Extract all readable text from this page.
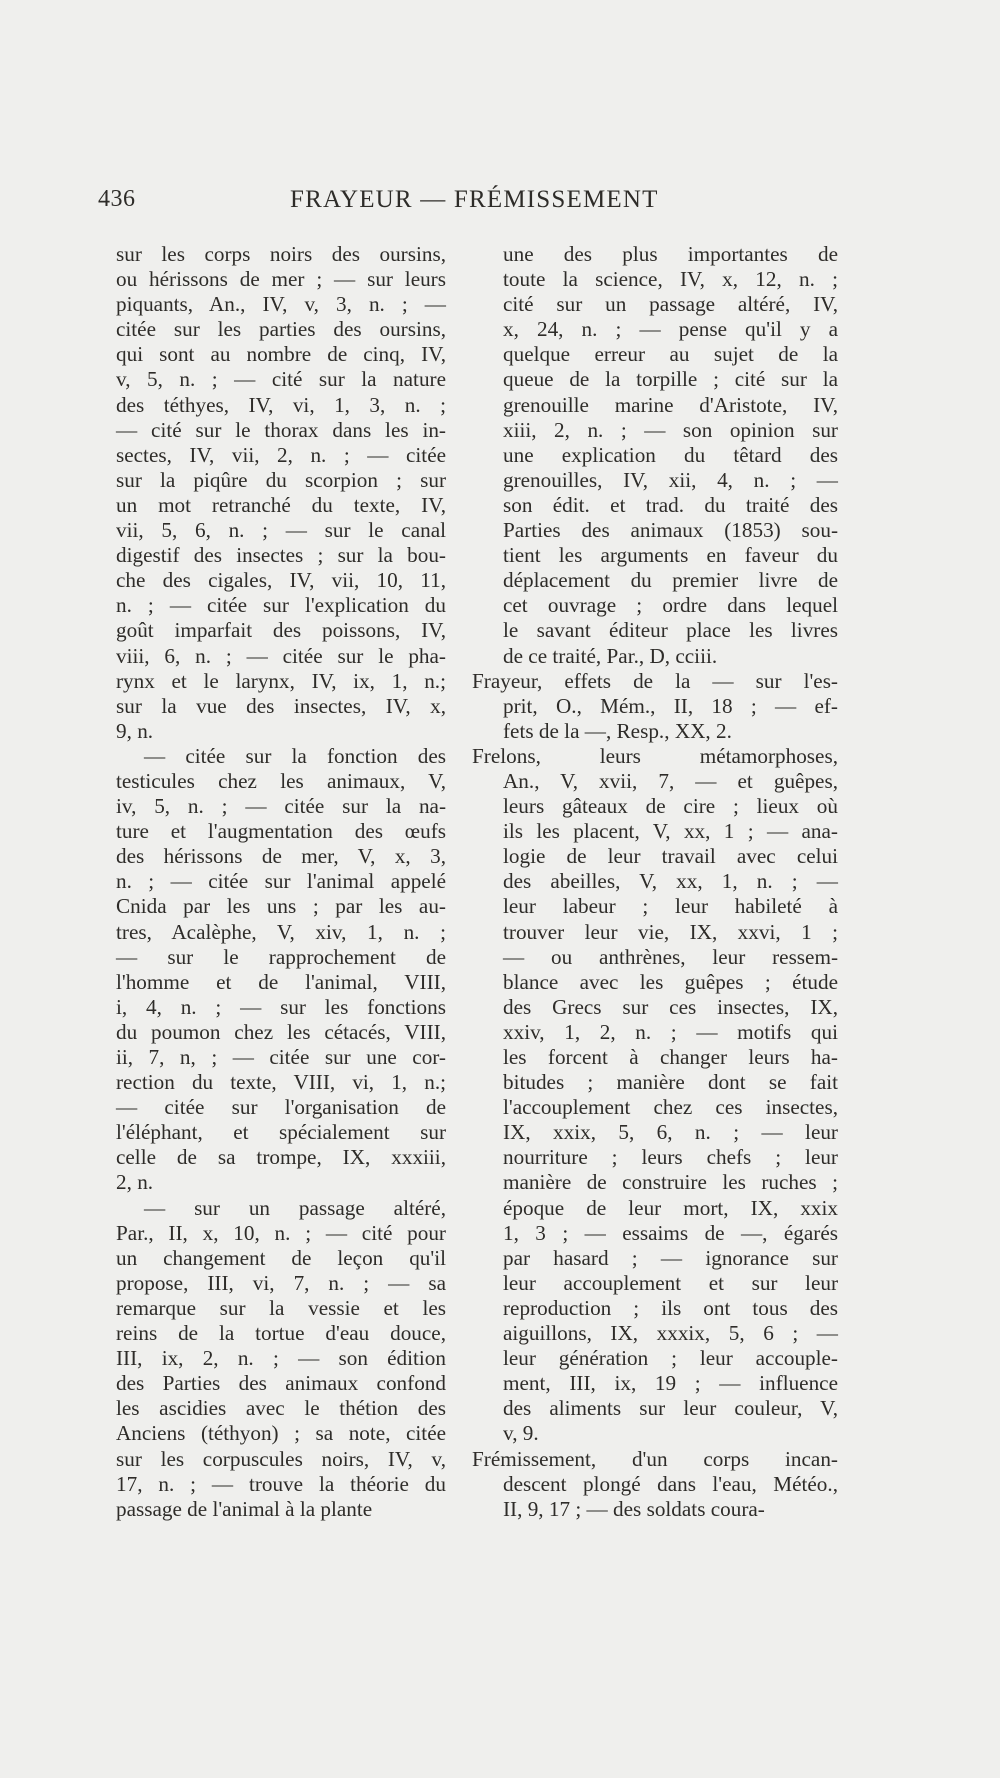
436	FRAYEUR — FRÉMISSEMENT
sur les corps noirs des oursins,
ou hérissons de mer ; — sur leurs
piquants, An., IV, v, 3, n. ; —
citée sur les parties des oursins,
qui sont au nombre de cinq, IV,
v, 5, n. ; — cité sur la nature
des téthyes, IV, vi, 1, 3, n. ;
— cité sur le thorax dans les in-
sectes, IV, vii, 2, n. ; — citée
sur la piqûre du scorpion ; sur
un mot retranché du texte, IV,
vii, 5, 6, n. ; — sur le canal
digestif des insectes ; sur la bou-
che des cigales, IV, vii, 10, 11,
n. ; — citée sur l'explication du
goût imparfait des poissons, IV,
viii, 6, n. ; — citée sur le pha-
rynx et le larynx, IV, ix, 1, n.;
sur la vue des insectes, IV, x,
9, n.
— citée sur la fonction des
testicules chez les animaux, V,
iv, 5, n. ; — citée sur la na-
ture et l'augmentation des œufs
des hérissons de mer, V, x, 3,
n. ; — citée sur l'animal appelé
Cnida par les uns ; par les au-
tres, Acalèphe, V, xiv, 1, n. ;
— sur le rapprochement de
l'homme et de l'animal, VIII,
i, 4, n. ; — sur les fonctions
du poumon chez les cétacés, VIII,
ii, 7, n, ; — citée sur une cor-
rection du texte, VIII, vi, 1, n.;
— citée sur l'organisation de
l'éléphant, et spécialement sur
celle de sa trompe, IX, xxxiii,
2, n.
— sur un passage altéré,
Par., II, x, 10, n. ; — cité pour
un changement de leçon qu'il
propose, III, vi, 7, n. ; — sa
remarque sur la vessie et les
reins de la tortue d'eau douce,
III, ix, 2, n. ; — son édition
des Parties des animaux confond
les ascidies avec le thétion des
Anciens (téthyon) ; sa note, citée
sur les corpuscules noirs, IV, v,
17, n. ; — trouve la théorie du
passage de l'animal à la plante
une des plus importantes de
toute la science, IV, x, 12, n. ;
cité sur un passage altéré, IV,
x, 24, n. ; — pense qu'il y a
quelque erreur au sujet de la
queue de la torpille ; cité sur la
grenouille marine d'Aristote, IV,
xiii, 2, n. ; — son opinion sur
une explication du têtard des
grenouilles, IV, xii, 4, n. ; —
son édit. et trad. du traité des
Parties des animaux (1853) sou-
tient les arguments en faveur du
déplacement du premier livre de
cet ouvrage ; ordre dans lequel
le savant éditeur place les livres
de ce traité, Par., D, cciii.
Frayeur, effets de la — sur l'es-
prit, O., Mém., II, 18 ; — ef-
fets de la —, Resp., XX, 2.
Frelons, leurs métamorphoses,
An., V, xvii, 7, — et guêpes,
leurs gâteaux de cire ; lieux où
ils les placent, V, xx, 1 ; — ana-
logie de leur travail avec celui
des abeilles, V, xx, 1, n. ; —
leur labeur ; leur habileté à
trouver leur vie, IX, xxvi, 1 ;
— ou anthrènes, leur ressem-
blance avec les guêpes ; étude
des Grecs sur ces insectes, IX,
xxiv, 1, 2, n. ; — motifs qui
les forcent à changer leurs ha-
bitudes ; manière dont se fait
l'accouplement chez ces insectes,
IX, xxix, 5, 6, n. ; — leur
nourriture ; leurs chefs ; leur
manière de construire les ruches ;
époque de leur mort, IX, xxix
1, 3 ; — essaims de —, égarés
par hasard ; — ignorance sur
leur accouplement et sur leur
reproduction ; ils ont tous des
aiguillons, IX, xxxix, 5, 6 ; —
leur génération ; leur accouple-
ment, III, ix, 19 ; — influence
des aliments sur leur couleur, V,
v, 9.
Frémissement, d'un corps incan-
descent plongé dans l'eau, Météo.,
II, 9, 17 ; — des soldats coura-
